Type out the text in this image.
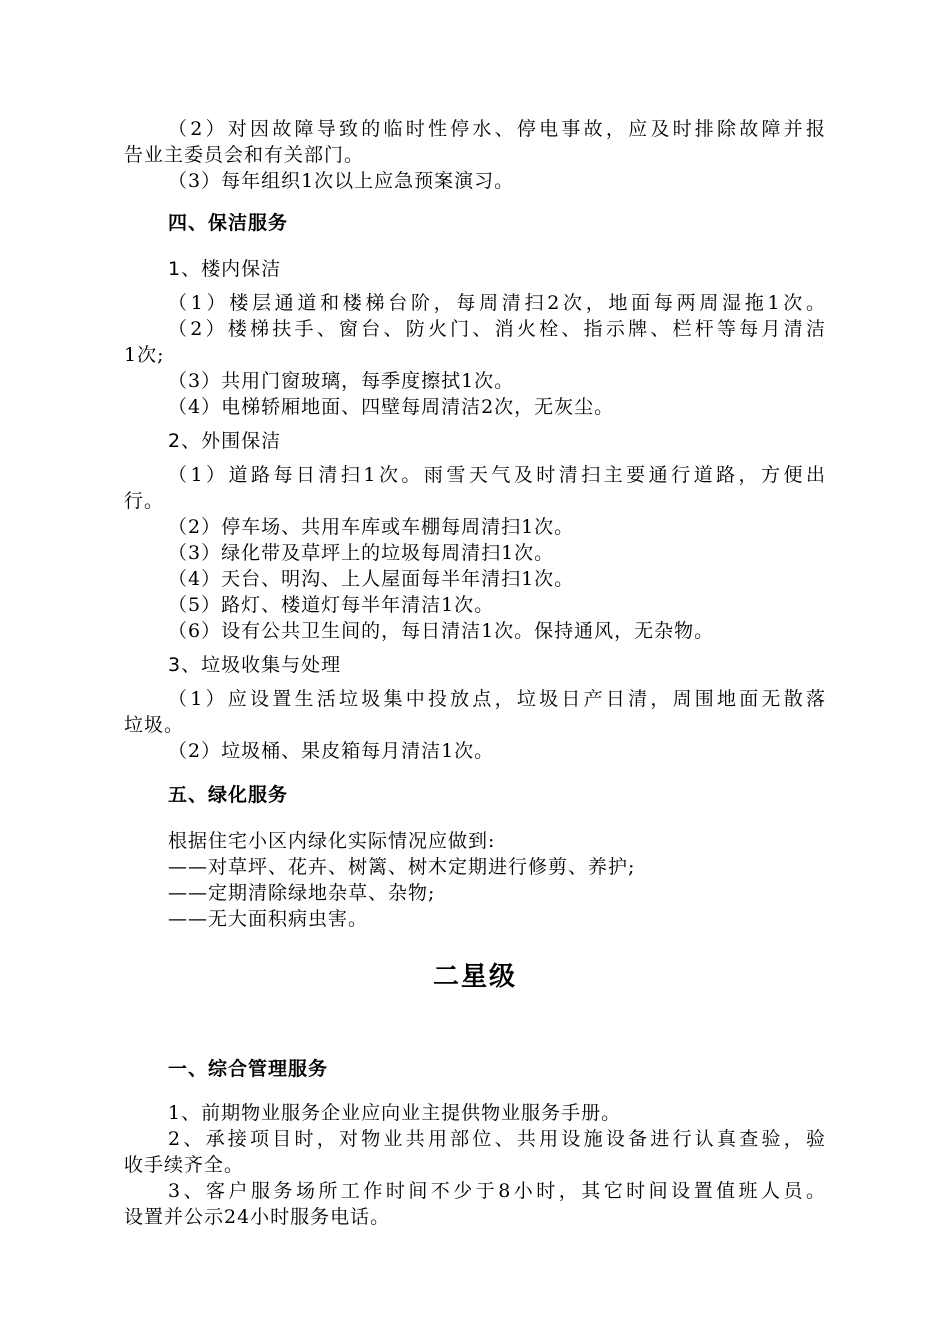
（2）对因故障导致的临时性停水、停电事故，应及时排除故障并报
告业主委员会和有关部门。
（3）每年组织1次以上应急预案演习。
四、保洁服务
1、楼内保洁
（1）楼层通道和楼梯台阶，每周清扫2次，地面每两周湿拖1次。
（2）楼梯扶手、窗台、防火门、消火栓、指示牌、栏杆等每月清洁
1次;
（3）共用门窗玻璃，每季度擦拭1次。
（4）电梯轿厢地面、四壁每周清洁2次，无灰尘。
2、外围保洁
（1）道路每日清扫1次。雨雪天气及时清扫主要通行道路，方便出
行。
（2）停车场、共用车库或车棚每周清扫1次。
（3）绿化带及草坪上的垃圾每周清扫1次。
（4）天台、明沟、上人屋面每半年清扫1次。
（5）路灯、楼道灯每半年清洁1次。
（6）设有公共卫生间的，每日清洁1次。保持通风，无杂物。
3、垃圾收集与处理
（1）应设置生活垃圾集中投放点，垃圾日产日清，周围地面无散落
垃圾。
（2）垃圾桶、果皮箱每月清洁1次。
五、绿化服务
根据住宅小区内绿化实际情况应做到:
——对草坪、花卉、树篱、树木定期进行修剪、养护;
——定期清除绿地杂草、杂物;
——无大面积病虫害。
二星级
一、综合管理服务
1、前期物业服务企业应向业主提供物业服务手册。
2、承接项目时，对物业共用部位、共用设施设备进行认真查验，验
收手续齐全。
3、客户服务场所工作时间不少于8小时，其它时间设置值班人员。
设置并公示24小时服务电话。
